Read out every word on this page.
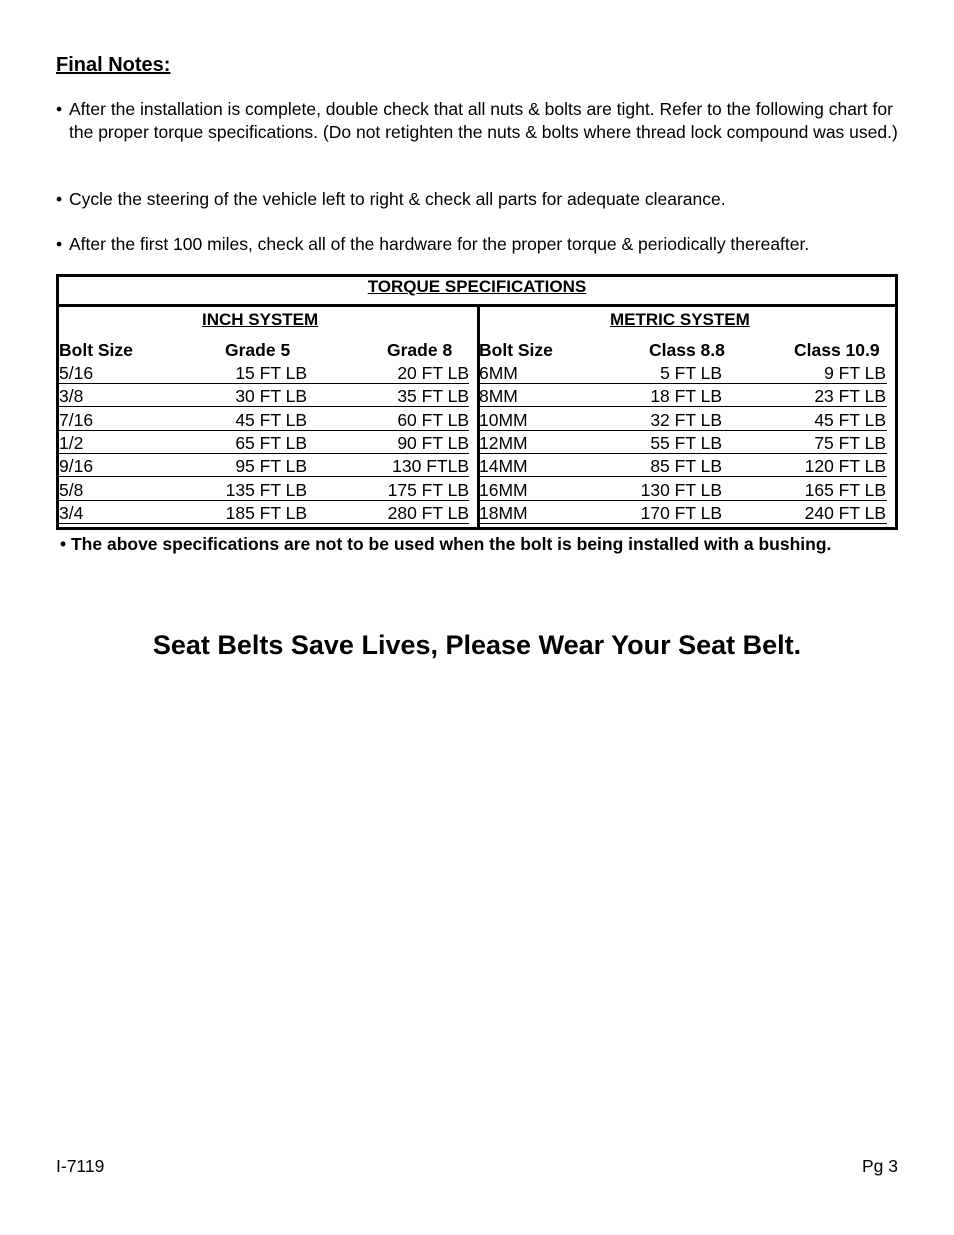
Final Notes:
• After the installation is complete, double check that all nuts & bolts are tight. Refer to the following chart for the proper torque specifications. (Do not retighten the nuts & bolts where thread lock compound was used.)
• Cycle the steering of the vehicle left to right & check all parts for adequate clearance.
• After the first 100 miles, check all of the hardware for the proper torque & periodically thereafter.
TORQUE SPECIFICATIONS
INCH SYSTEM	METRIC SYSTEM
Bolt Size	Grade 5	Grade 8 Bolt Size	Class 8.8	Class 10.9
5/16	15 FT LB	20 FT LB
3/8	30 FT LB	35 FT LB
7/16	45 FT LB	60 FT LB
1/2	65 FT LB	90 FT LB
9/16	95 FT LB	130 FTLB
5/8	135 FT LB	175 FT LB
3/4	185 FT LB	280 FT LB
6MM	5 FT LB	9 FT LB
8MM	18 FT LB	23 FT LB
10MM	32 FT LB	45 FT LB
12MM	55 FT LB	75 FT LB
14MM	85 FT LB	120 FT LB
16MM	130 FT LB	165 FT LB
18MM	170 FT LB	240 FT LB
• The above specifications are not to be used when the bolt is being installed with a bushing.
Seat Belts Save Lives, Please Wear Your Seat Belt.
I-7119	Pg 3
